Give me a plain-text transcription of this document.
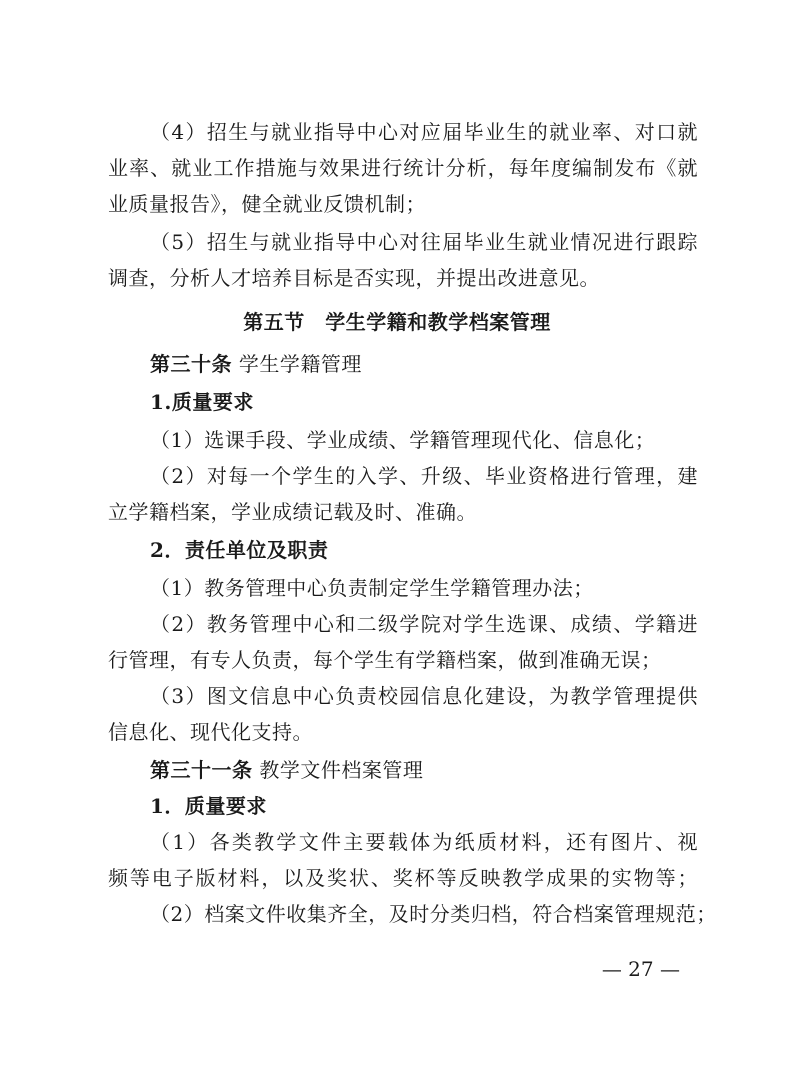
（4）招生与就业指导中心对应届毕业生的就业率、对口就
业率、就业工作措施与效果进行统计分析，每年度编制发布《就
业质量报告》，健全就业反馈机制；
（5）招生与就业指导中心对往届毕业生就业情况进行跟踪
调查，分析人才培养目标是否实现，并提出改进意见。
第五节　学生学籍和教学档案管理
第三十条 学生学籍管理
1.质量要求
（1）选课手段、学业成绩、学籍管理现代化、信息化；
（2）对每一个学生的入学、升级、毕业资格进行管理，建
立学籍档案，学业成绩记载及时、准确。
2．责任单位及职责
（1）教务管理中心负责制定学生学籍管理办法；
（2）教务管理中心和二级学院对学生选课、成绩、学籍进
行管理，有专人负责，每个学生有学籍档案，做到准确无误；
（3）图文信息中心负责校园信息化建设，为教学管理提供
信息化、现代化支持。
第三十一条 教学文件档案管理
1．质量要求
（1）各类教学文件主要载体为纸质材料，还有图片、视
频等电子版材料，以及奖状、奖杯等反映教学成果的实物等；
（2）档案文件收集齐全，及时分类归档，符合档案管理规范；
— 27 —
